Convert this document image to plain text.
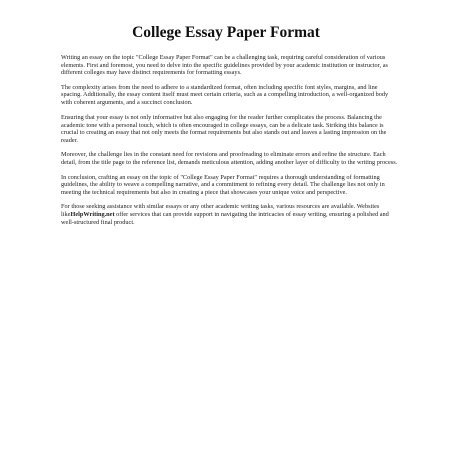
College Essay Paper Format

Writing an essay on the topic "College Essay Paper Format" can be a challenging task, requiring careful consideration of various elements. First and foremost, you need to delve into the specific guidelines provided by your academic institution or instructor, as different colleges may have distinct requirements for formatting essays.

The complexity arises from the need to adhere to a standardized format, often including specific font styles, margins, and line spacing. Additionally, the essay content itself must meet certain criteria, such as a compelling introduction, a well-organized body with coherent arguments, and a succinct conclusion.

Ensuring that your essay is not only informative but also engaging for the reader further complicates the process. Balancing the academic tone with a personal touch, which is often encouraged in college essays, can be a delicate task. Striking this balance is crucial to creating an essay that not only meets the format requirements but also stands out and leaves a lasting impression on the reader.

Moreover, the challenge lies in the constant need for revisions and proofreading to eliminate errors and refine the structure. Each detail, from the title page to the reference list, demands meticulous attention, adding another layer of difficulty to the writing process.

In conclusion, crafting an essay on the topic of "College Essay Paper Format" requires a thorough understanding of formatting guidelines, the ability to weave a compelling narrative, and a commitment to refining every detail. The challenge lies not only in meeting the technical requirements but also in creating a piece that showcases your unique voice and perspective.

For those seeking assistance with similar essays or any other academic writing tasks, various resources are available. Websites likeHelpWriting.net offer services that can provide support in navigating the intricacies of essay writing, ensuring a polished and well-structured final product.
